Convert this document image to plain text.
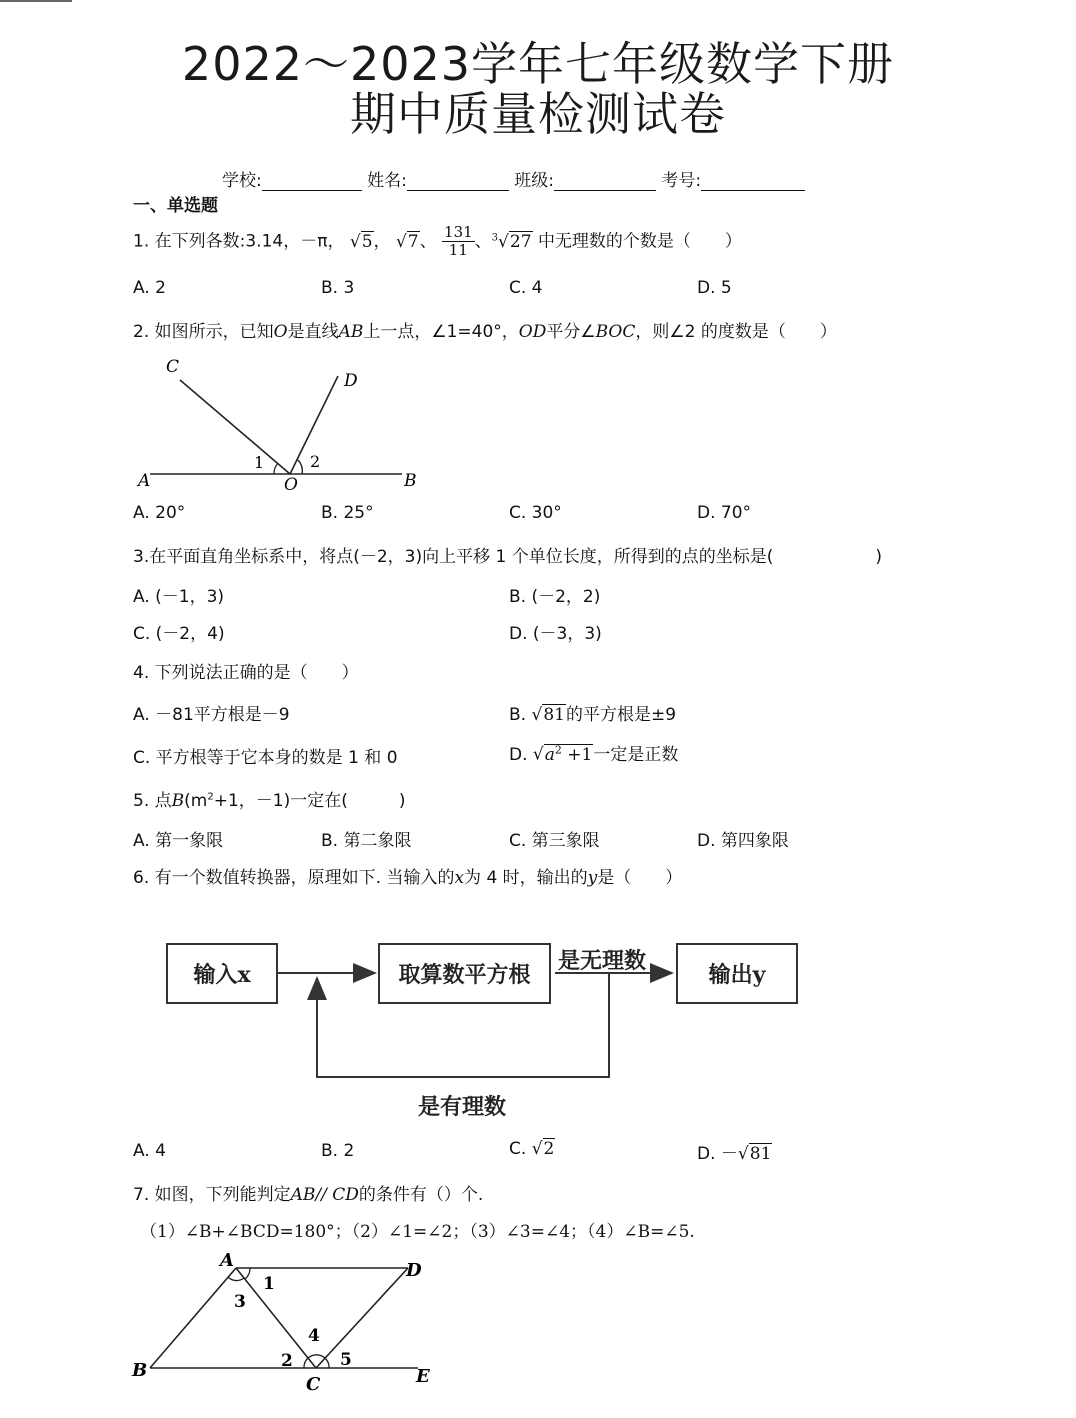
2022～2023学年七年级数学下册
期中质量检测试卷
学校:	姓名:	班级:	考号:
一、单选题
1. 在下列各数:3.14，－π， √5， √7、 $\frac{131}{11}$ 、$^3$√27 中无理数的个数是（　　）
A. 2	B. 3	C. 4	D. 5
2. 如图所示，已知O是直线AB上一点，∠1=40°，OD平分∠BOC，则∠2 的度数是（　　）
A	B
C
D
O
1	2
A. 20°	B. 25°	C. 30°	D. 70°
3.在平面直角坐标系中，将点(－2，3)向上平移 1 个单位长度，所得到的点的坐标是(　　　　　　)
A. (－1，3)	B. (－2，2)
C. (－2，4)	D. (－3，3)
4. 下列说法正确的是（　　）
A. －81平方根是－9	B. √81的平方根是±9
C. 平方根等于它本身的数是 1 和 0	D. $√a^2 +1$一定是正数
5. 点$B(m^2+1$，－1)一定在(　　　)
A. 第一象限	B. 第二象限	C. 第三象限	D. 第四象限
6. 有一个数值转换器，原理如下. 当输入的x为 4 时，输出的y是（　　）
输入x	取算数平方根	输出y
是无理数
是有理数
A. 4	B. 2	C. √2	D. －√81
7. 如图，下列能判定AB// CD的条件有（）个.
（1）∠B+∠BCD=180°；（2）∠1=∠2；（3）∠3=∠4；（4）∠B=∠5.
A	D
B
C	E
1
3
4
2	5
